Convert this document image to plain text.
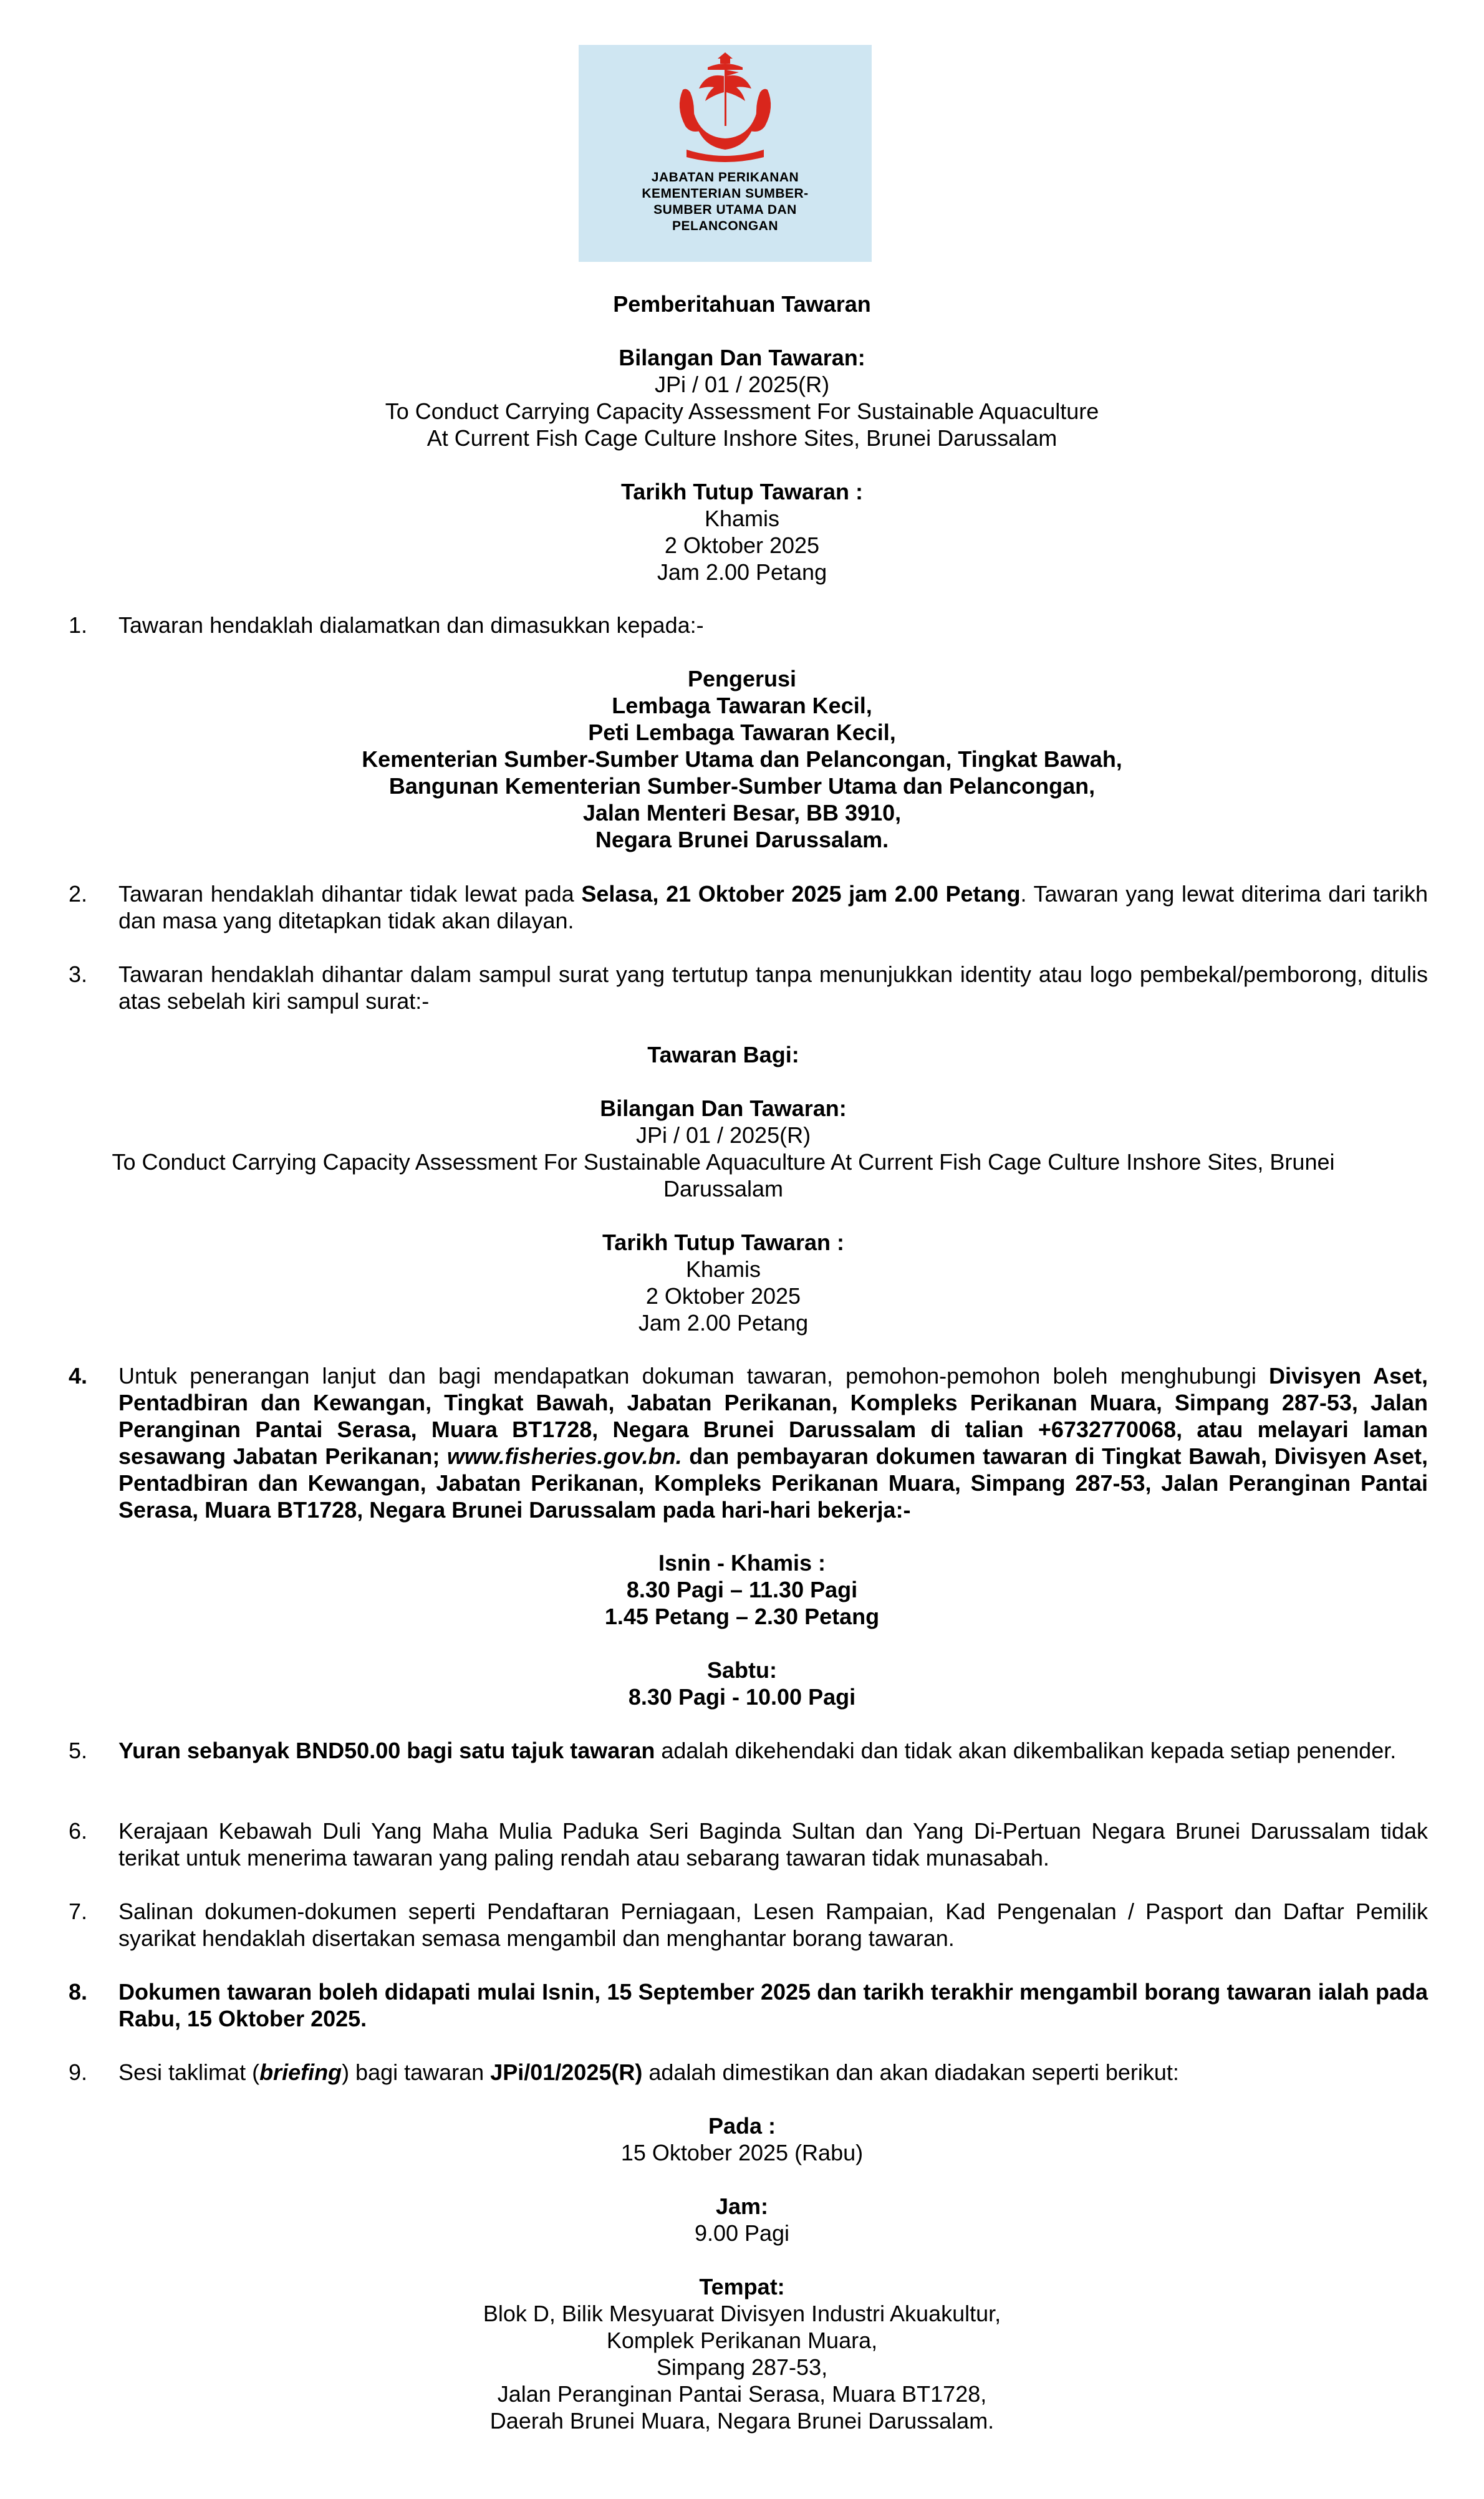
JABATAN PERIKANAN
KEMENTERIAN SUMBER-
SUMBER UTAMA DAN
PELANCONGAN
Pemberitahuan Tawaran
Bilangan Dan Tawaran:
JPi / 01 / 2025(R)
To Conduct Carrying Capacity Assessment For Sustainable Aquaculture
At Current Fish Cage Culture Inshore Sites, Brunei Darussalam
Tarikh Tutup Tawaran :
Khamis
2 Oktober 2025
Jam 2.00 Petang
1.	Tawaran hendaklah dialamatkan dan dimasukkan kepada:-
Pengerusi
Lembaga Tawaran Kecil,
Peti Lembaga Tawaran Kecil,
Kementerian Sumber-Sumber Utama dan Pelancongan, Tingkat Bawah,
Bangunan Kementerian Sumber-Sumber Utama dan Pelancongan,
Jalan Menteri Besar, BB 3910,
Negara Brunei Darussalam.
2.	Tawaran hendaklah dihantar tidak lewat pada Selasa, 21 Oktober 2025 jam 2.00 Petang. Tawaran yang lewat diterima dari tarikh dan masa yang ditetapkan tidak akan dilayan.
3.	Tawaran hendaklah dihantar dalam sampul surat yang tertutup tanpa menunjukkan identity atau logo pembekal/pemborong, ditulis atas sebelah kiri sampul surat:-
Tawaran Bagi:
Bilangan Dan Tawaran:
JPi / 01 / 2025(R)
To Conduct Carrying Capacity Assessment For Sustainable Aquaculture At Current Fish Cage Culture Inshore Sites, Brunei
Darussalam
Tarikh Tutup Tawaran :
Khamis
2 Oktober 2025
Jam 2.00 Petang
4.	Untuk penerangan lanjut dan bagi mendapatkan dokuman tawaran, pemohon-pemohon boleh menghubungi Divisyen Aset, Pentadbiran dan Kewangan, Tingkat Bawah, Jabatan Perikanan, Kompleks Perikanan Muara, Simpang 287-53, Jalan Peranginan Pantai Serasa, Muara BT1728, Negara Brunei Darussalam di talian +6732770068, atau melayari laman sesawang Jabatan Perikanan; www.fisheries.gov.bn. dan pembayaran dokumen tawaran di Tingkat Bawah, Divisyen Aset, Pentadbiran dan Kewangan, Jabatan Perikanan, Kompleks Perikanan Muara, Simpang 287-53, Jalan Peranginan Pantai Serasa, Muara BT1728, Negara Brunei Darussalam pada hari-hari bekerja:-
Isnin - Khamis :
8.30 Pagi – 11.30 Pagi
1.45 Petang – 2.30 Petang
Sabtu:
8.30 Pagi - 10.00 Pagi
5.	Yuran sebanyak BND50.00 bagi satu tajuk tawaran adalah dikehendaki dan tidak akan dikembalikan kepada setiap penender.
6.	Kerajaan Kebawah Duli Yang Maha Mulia Paduka Seri Baginda Sultan dan Yang Di-Pertuan Negara Brunei Darussalam tidak terikat untuk menerima tawaran yang paling rendah atau sebarang tawaran tidak munasabah.
7.	Salinan dokumen-dokumen seperti Pendaftaran Perniagaan, Lesen Rampaian, Kad Pengenalan / Pasport dan Daftar Pemilik syarikat hendaklah disertakan semasa mengambil dan menghantar borang tawaran.
8.	Dokumen tawaran boleh didapati mulai Isnin, 15 September 2025 dan tarikh terakhir mengambil borang tawaran ialah pada Rabu, 15 Oktober 2025.
9.	Sesi taklimat (briefing) bagi tawaran JPi/01/2025(R) adalah dimestikan dan akan diadakan seperti berikut:
Pada :
15 Oktober 2025 (Rabu)
Jam:
9.00 Pagi
Tempat:
Blok D, Bilik Mesyuarat Divisyen Industri Akuakultur,
Komplek Perikanan Muara,
Simpang 287-53,
Jalan Peranginan Pantai Serasa, Muara BT1728,
Daerah Brunei Muara, Negara Brunei Darussalam.
